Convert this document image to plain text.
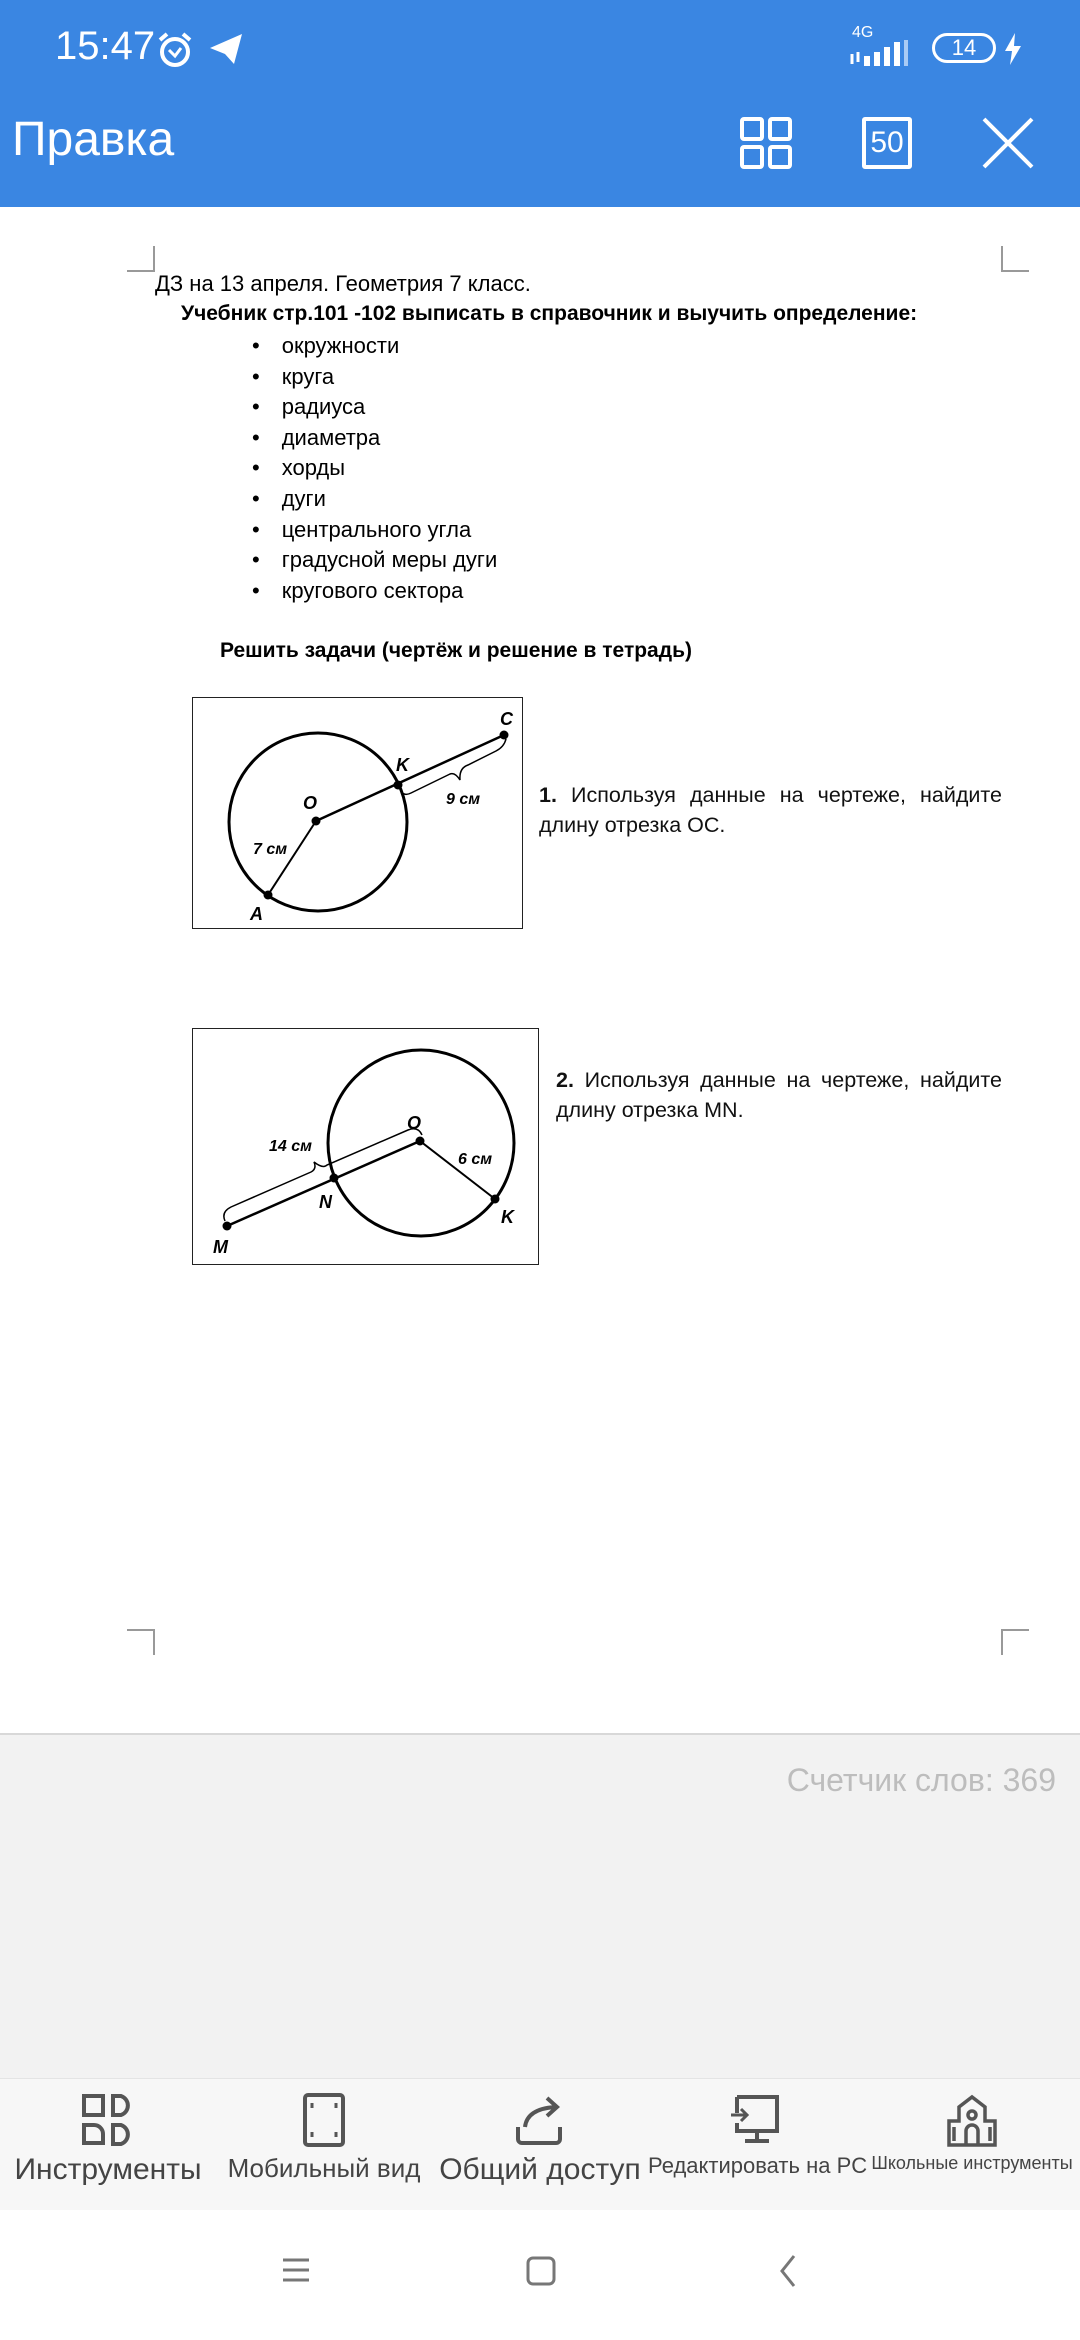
15:47	4G
14
Правка	50
ДЗ на 13 апреля. Геометрия 7 класс.
Учебник стр.101 -102 выписать в справочник и выучить определение:
• окружности
• круга
• радиуса
• диаметра
• хорды
• дуги
• центрального угла
• градусной меры дуги
• кругового сектора
Решить задачи (чертёж и решение в тетрадь)
O
K
C
A
7 см
9 см	1. Используя данные на чертеже, найдите длину отрезка OC.
O
N
M
K
14 см
6 см
2. Используя данные на чертеже, найдите длину отрезка MN.
Счетчик слов: 369
Инструменты	Мобильный вид Общий доступ Редактировать на PC Школьные инструменты
